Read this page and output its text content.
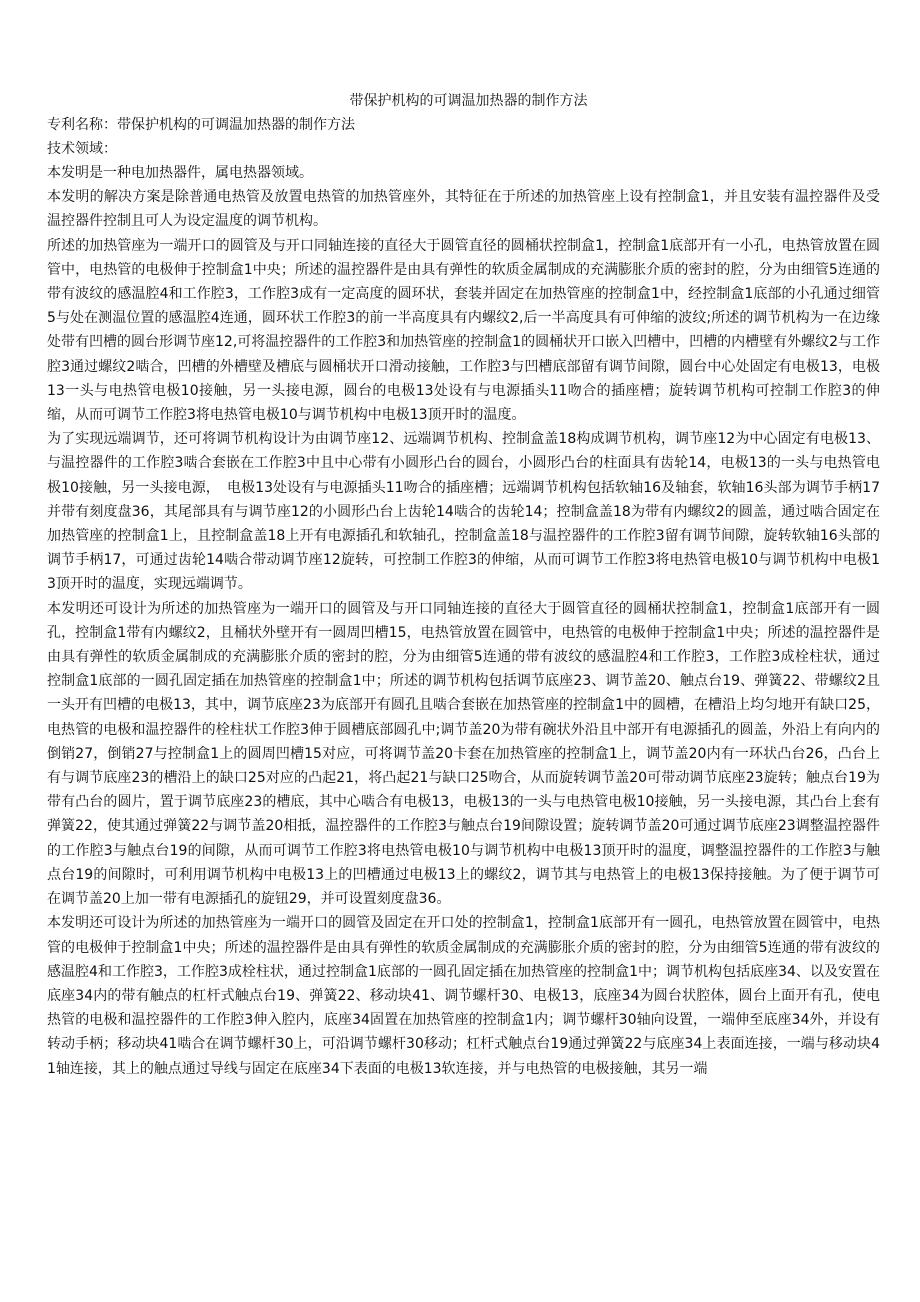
带保护机构的可调温加热器的制作方法

专利名称：带保护机构的可调温加热器的制作方法

技术领域：

本发明是一种电加热器件，属电热器领域。

本发明的解决方案是除普通电热管及放置电热管的加热管座外，其特征在于所述的加热管座上设有控制盒1，并且安装有温控器件及受温控器件控制且可人为设定温度的调节机构。

所述的加热管座为一端开口的圆管及与开口同轴连接的直径大于圆管直径的圆桶状控制盒1，控制盒1底部开有一小孔，电热管放置在圆管中，电热管的电极伸于控制盒1中央；所述的温控器件是由具有弹性的软质金属制成的充满膨胀介质的密封的腔，分为由细管5连通的带有波纹的感温腔4和工作腔3，工作腔3成有一定高度的圆环状，套装并固定在加热管座的控制盒1中，经控制盒1底部的小孔通过细管5与处在测温位置的感温腔4连通，圆环状工作腔3的前一半高度具有内螺纹2,后一半高度具有可伸缩的波纹;所述的调节机构为一在边缘处带有凹槽的圆台形调节座12,可将温控器件的工作腔3和加热管座的控制盒1的圆桶状开口嵌入凹槽中，凹槽的内槽壁有外螺纹2与工作腔3通过螺纹2啮合，凹槽的外槽壁及槽底与圆桶状开口滑动接触，工作腔3与凹槽底部留有调节间隙，圆台中心处固定有电极13，电极13一头与电热管电极10接触，另一头接电源，圆台的电极13处设有与电源插头11吻合的插座槽；旋转调节机构可控制工作腔3的伸缩，从而可调节工作腔3将电热管电极10与调节机构中电极13顶开时的温度。

为了实现远端调节，还可将调节机构设计为由调节座12、远端调节机构、控制盒盖18构成调节机构，调节座12为中心固定有电极13、与温控器件的工作腔3啮合套嵌在工作腔3中且中心带有小圆形凸台的圆台，小圆形凸台的柱面具有齿轮14，电极13的一头与电热管电极10接触，另一头接电源，　电极13处设有与电源插头11吻合的插座槽；远端调节机构包括软轴16及轴套，软轴16头部为调节手柄17并带有刻度盘36，其尾部具有与调节座12的小圆形凸台上齿轮14啮合的齿轮14；控制盒盖18为带有内螺纹2的圆盖，通过啮合固定在加热管座的控制盒1上，且控制盒盖18上开有电源插孔和软轴孔，控制盒盖18与温控器件的工作腔3留有调节间隙，旋转软轴16头部的调节手柄17，可通过齿轮14啮合带动调节座12旋转，可控制工作腔3的伸缩，从而可调节工作腔3将电热管电极10与调节机构中电极13顶开时的温度，实现远端调节。

本发明还可设计为所述的加热管座为一端开口的圆管及与开口同轴连接的直径大于圆管直径的圆桶状控制盒1，控制盒1底部开有一圆孔，控制盒1带有内螺纹2，且桶状外壁开有一圆周凹槽15，电热管放置在圆管中，电热管的电极伸于控制盒1中央；所述的温控器件是由具有弹性的软质金属制成的充满膨胀介质的密封的腔，分为由细管5连通的带有波纹的感温腔4和工作腔3，工作腔3成栓柱状，通过控制盒1底部的一圆孔固定插在加热管座的控制盒1中；所述的调节机构包括调节底座23、调节盖20、触点台19、弹簧22、带螺纹2且一头开有凹槽的电极13，其中，调节底座23为底部开有圆孔且啮合套嵌在加热管座的控制盒1中的圆槽，在槽沿上均匀地开有缺口25，电热管的电极和温控器件的栓柱状工作腔3伸于圆槽底部圆孔中;调节盖20为带有碗状外沿且中部开有电源插孔的圆盖，外沿上有向内的倒销27，倒销27与控制盒1上的圆周凹槽15对应，可将调节盖20卡套在加热管座的控制盒1上，调节盖20内有一环状凸台26，凸台上有与调节底座23的槽沿上的缺口25对应的凸起21，将凸起21与缺口25吻合，从而旋转调节盖20可带动调节底座23旋转；触点台19为带有凸台的圆片，置于调节底座23的槽底，其中心啮合有电极13，电极13的一头与电热管电极10接触，另一头接电源，其凸台上套有弹簧22，使其通过弹簧22与调节盖20相抵，温控器件的工作腔3与触点台19间隙设置；旋转调节盖20可通过调节底座23调整温控器件的工作腔3与触点台19的间隙，从而可调节工作腔3将电热管电极10与调节机构中电极13顶开时的温度，调整温控器件的工作腔3与触点台19的间隙时，可利用调节机构中电极13上的凹槽通过电极13上的螺纹2，调节其与电热管上的电极13保持接触。为了便于调节可在调节盖20上加一带有电源插孔的旋钮29，并可设置刻度盘36。

本发明还可设计为所述的加热管座为一端开口的圆管及固定在开口处的控制盒1，控制盒1底部开有一圆孔，电热管放置在圆管中，电热管的电极伸于控制盒1中央；所述的温控器件是由具有弹性的软质金属制成的充满膨胀介质的密封的腔，分为由细管5连通的带有波纹的感温腔4和工作腔3，工作腔3成栓柱状，通过控制盒1底部的一圆孔固定插在加热管座的控制盒1中；调节机构包括底座34、以及安置在底座34内的带有触点的杠杆式触点台19、弹簧22、移动块41、调节螺杆30、电极13，底座34为圆台状腔体，圆台上面开有孔，使电热管的电极和温控器件的工作腔3伸入腔内，底座34固置在加热管座的控制盒1内；调节螺杆30轴向设置，一端伸至底座34外，并设有转动手柄；移动块41啮合在调节螺杆30上，可沿调节螺杆30移动；杠杆式触点台19通过弹簧22与底座34上表面连接，一端与移动块41轴连接，其上的触点通过导线与固定在底座34下表面的电极13软连接，并与电热管的电极接触，其另一端
